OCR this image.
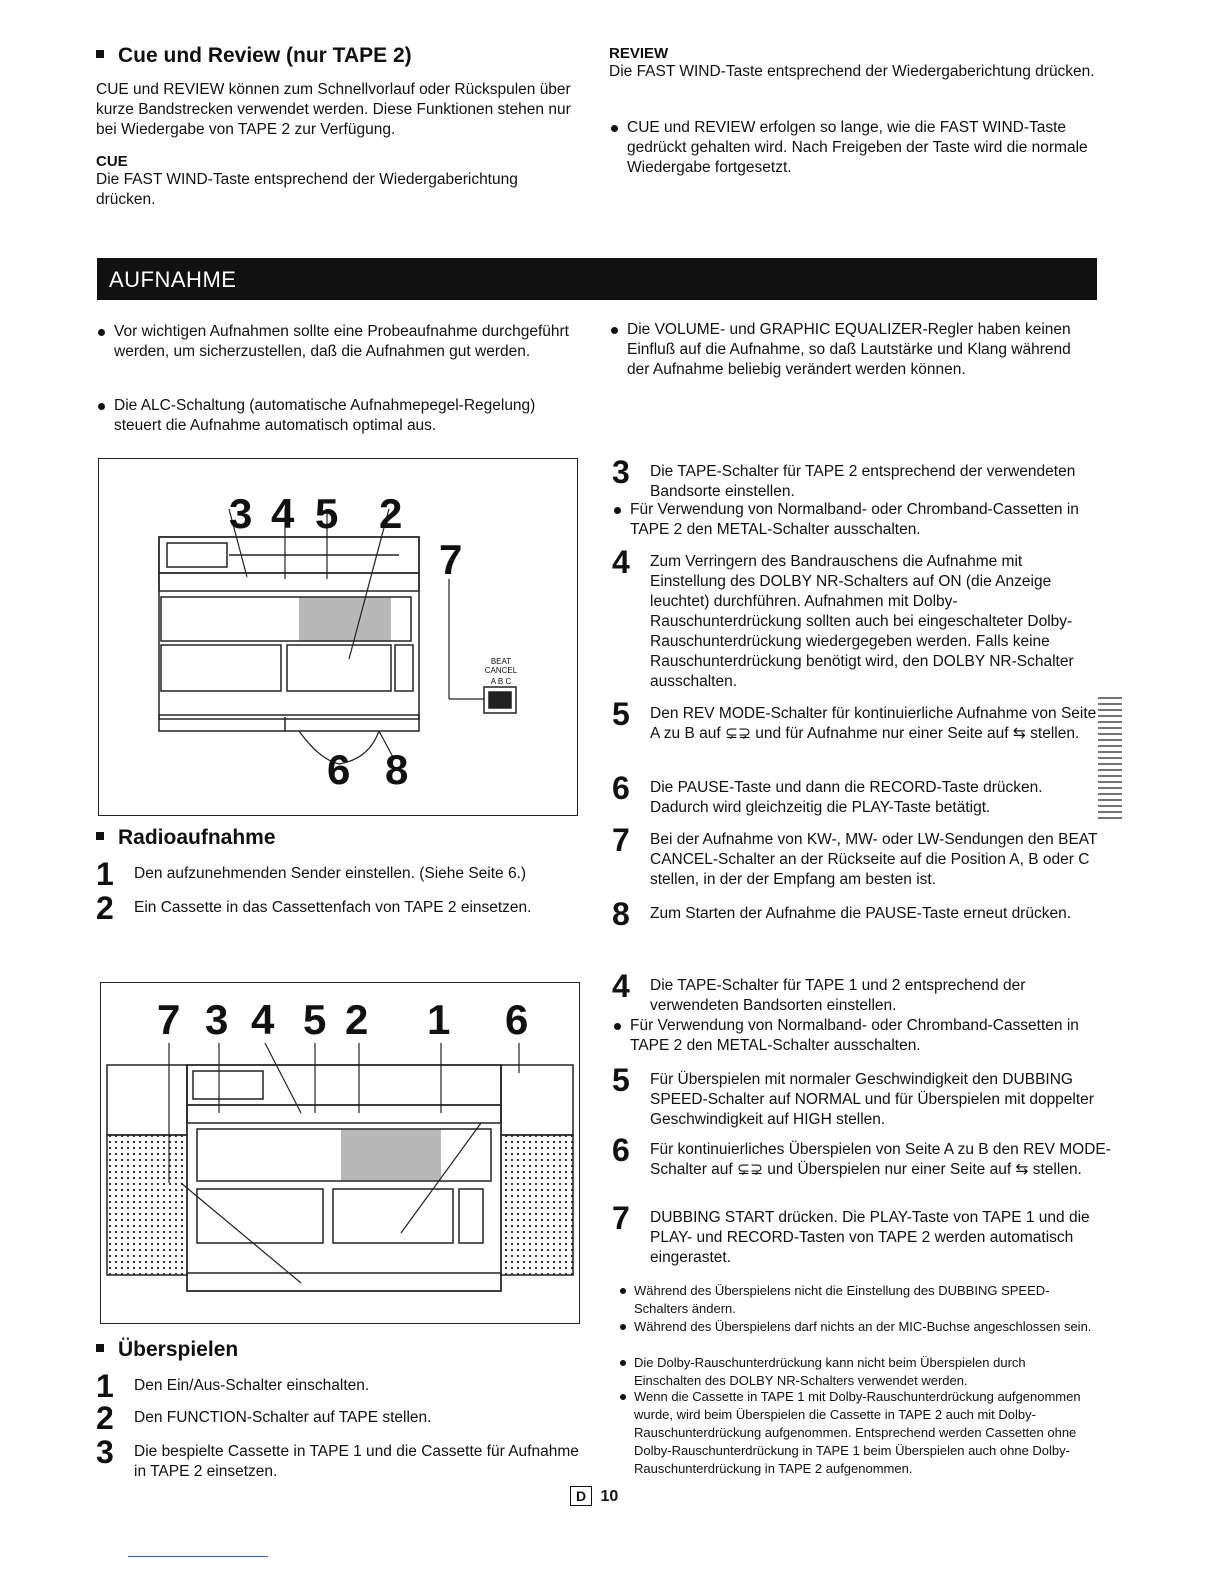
Cue und Review (nur TAPE 2)

CUE und REVIEW können zum Schnellvorlauf oder Rückspulen über kurze Bandstrecken verwendet werden. Diese Funktionen stehen nur bei Wiedergabe von TAPE 2 zur Verfügung.

CUE

Die FAST WIND-Taste entsprechend der Wiedergaberichtung drücken.

REVIEW

Die FAST WIND-Taste entsprechend der Wiedergaberichtung drücken.

CUE und REVIEW erfolgen so lange, wie die FAST WIND-Taste gedrückt gehalten wird. Nach Freigeben der Taste wird die normale Wiedergabe fortgesetzt.

AUFNAHME

Vor wichtigen Aufnahmen sollte eine Probeaufnahme durchgeführt werden, um sicherzustellen, daß die Aufnahmen gut werden.

Die ALC-Schaltung (automatische Aufnahmepegel-Regelung) steuert die Aufnahme automatisch optimal aus.

Die VOLUME- und GRAPHIC EQUALIZER-Regler haben keinen Einfluß auf die Aufnahme, so daß Lautstärke und Klang während der Aufnahme beliebig verändert werden können.

3 4 5 2
7
6 8
BEAT CANCEL
A B C
Radioaufnahme

1 Den aufzunehmenden Sender einstellen. (Siehe Seite 6.)

2 Ein Cassette in das Cassettenfach von TAPE 2 einsetzen.

3 Die TAPE-Schalter für TAPE 2 entsprechend der verwendeten Bandsorte einstellen.

Für Verwendung von Normalband- oder Chromband-Cassetten in TAPE 2 den METAL-Schalter ausschalten.

4 Zum Verringern des Bandrauschens die Aufnahme mit Einstellung des DOLBY NR-Schalters auf ON (die Anzeige leuchtet) durchführen. Aufnahmen mit Dolby-Rauschunterdrückung sollten auch bei eingeschalteter Dolby-Rauschunterdrückung wiedergegeben werden. Falls keine Rauschunterdrückung benötigt wird, den DOLBY NR-Schalter ausschalten.

5 Den REV MODE-Schalter für kontinuierliche Aufnahme von Seite A zu B auf ⊊⊋ und für Aufnahme nur einer Seite auf ⇆ stellen.

6 Die PAUSE-Taste und dann die RECORD-Taste drücken. Dadurch wird gleichzeitig die PLAY-Taste betätigt.

7 Bei der Aufnahme von KW-, MW- oder LW-Sendungen den BEAT CANCEL-Schalter an der Rückseite auf die Position A, B oder C stellen, in der der Empfang am besten ist.

8 Zum Starten der Aufnahme die PAUSE-Taste erneut drücken.

7 3 4 5 2 1 6
Überspielen

1 Den Ein/Aus-Schalter einschalten.

2 Den FUNCTION-Schalter auf TAPE stellen.

3 Die bespielte Cassette in TAPE 1 und die Cassette für Aufnahme in TAPE 2 einsetzen.

4 Die TAPE-Schalter für TAPE 1 und 2 entsprechend der verwendeten Bandsorten einstellen.

Für Verwendung von Normalband- oder Chromband-Cassetten in TAPE 2 den METAL-Schalter ausschalten.

5 Für Überspielen mit normaler Geschwindigkeit den DUBBING SPEED-Schalter auf NORMAL und für Überspielen mit doppelter Geschwindigkeit auf HIGH stellen.

6 Für kontinuierliches Überspielen von Seite A zu B den REV MODE-Schalter auf ⊊⊋ und Überspielen nur einer Seite auf ⇆ stellen.

7 DUBBING START drücken. Die PLAY-Taste von TAPE 1 und die PLAY- und RECORD-Tasten von TAPE 2 werden automatisch eingerastet.

Während des Überspielens nicht die Einstellung des DUBBING SPEED-Schalters ändern.

Während des Überspielens darf nichts an der MIC-Buchse angeschlossen sein.

Die Dolby-Rauschunterdrückung kann nicht beim Überspielen durch Einschalten des DOLBY NR-Schalters verwendet werden.

Wenn die Cassette in TAPE 1 mit Dolby-Rauschunterdrückung aufgenommen wurde, wird beim Überspielen die Cassette in TAPE 2 auch mit Dolby-Rauschunterdrückung aufgenommen. Entsprechend werden Cassetten ohne Dolby-Rauschunterdrückung in TAPE 1 beim Überspielen auch ohne Dolby-Rauschunterdrückung in TAPE 2 aufgenommen.

D 10
